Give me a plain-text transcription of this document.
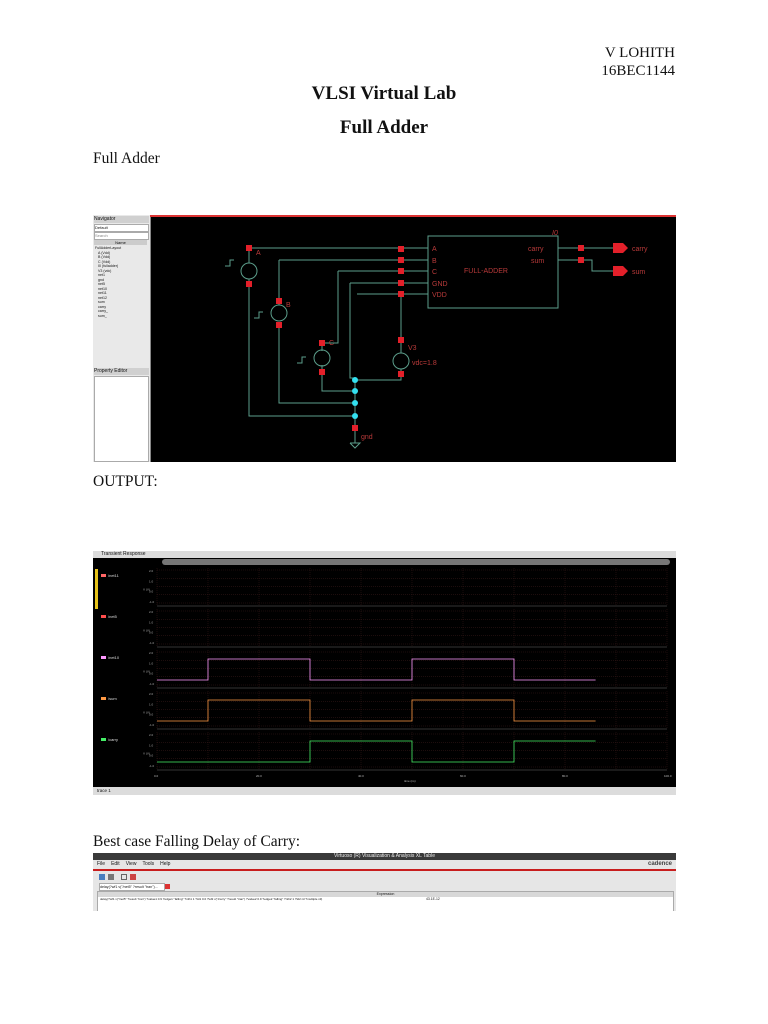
V LOHITH
16BEC1144
VLSI Virtual Lab
Full Adder
Full Adder
Navigator
Default
Search
Name
FullAdderLayout
A (Vdd)
B (Vdd)
C (Vdd)
I0 (fulladder)
V3 (vdc)
net1
gnd
net5
net10
net11
net12
sum
carry
carry_
sum_
Property Editor
I0
FULL-ADDER
A
B
C
GND
VDD
carry
sum
carry
sum
A
B
C
V3
vdc=1.8
gnd
OUTPUT:
Transient Response
/net11
/net5
/net10
/sum
/carry
2.0
1.0
0.0
-1.0
V (V)
2.0
1.0
0.0
-1.0
V (V)
2.0
1.0
0.0
-1.0
V (V)
2.0
1.0
0.0
-1.0
V (V)
2.0
1.0
0.0
-1.0
V (V)
0.0	20.0	40.0	60.0	80.0	100.0
time (ns)
trace 1
Best case Falling Delay of Carry:
Virtuoso (R) Visualization & Analysis XL Table
File Edit View Tools Help	cadence
delay(?wf1 v("/net5" ?result "tran")...
Expression
delay(?wf1 v("/net5" ?result "tran") ?value1 0.9 ?edge1 "falling" ?nth1 1 ?td1 0.0 ?wf2 v("/carry" ?result "tran") ?value2 0.9 ?edge2 "falling" ?nth2 1 ?td2 nil ?multiple nil)	43.1E-12
